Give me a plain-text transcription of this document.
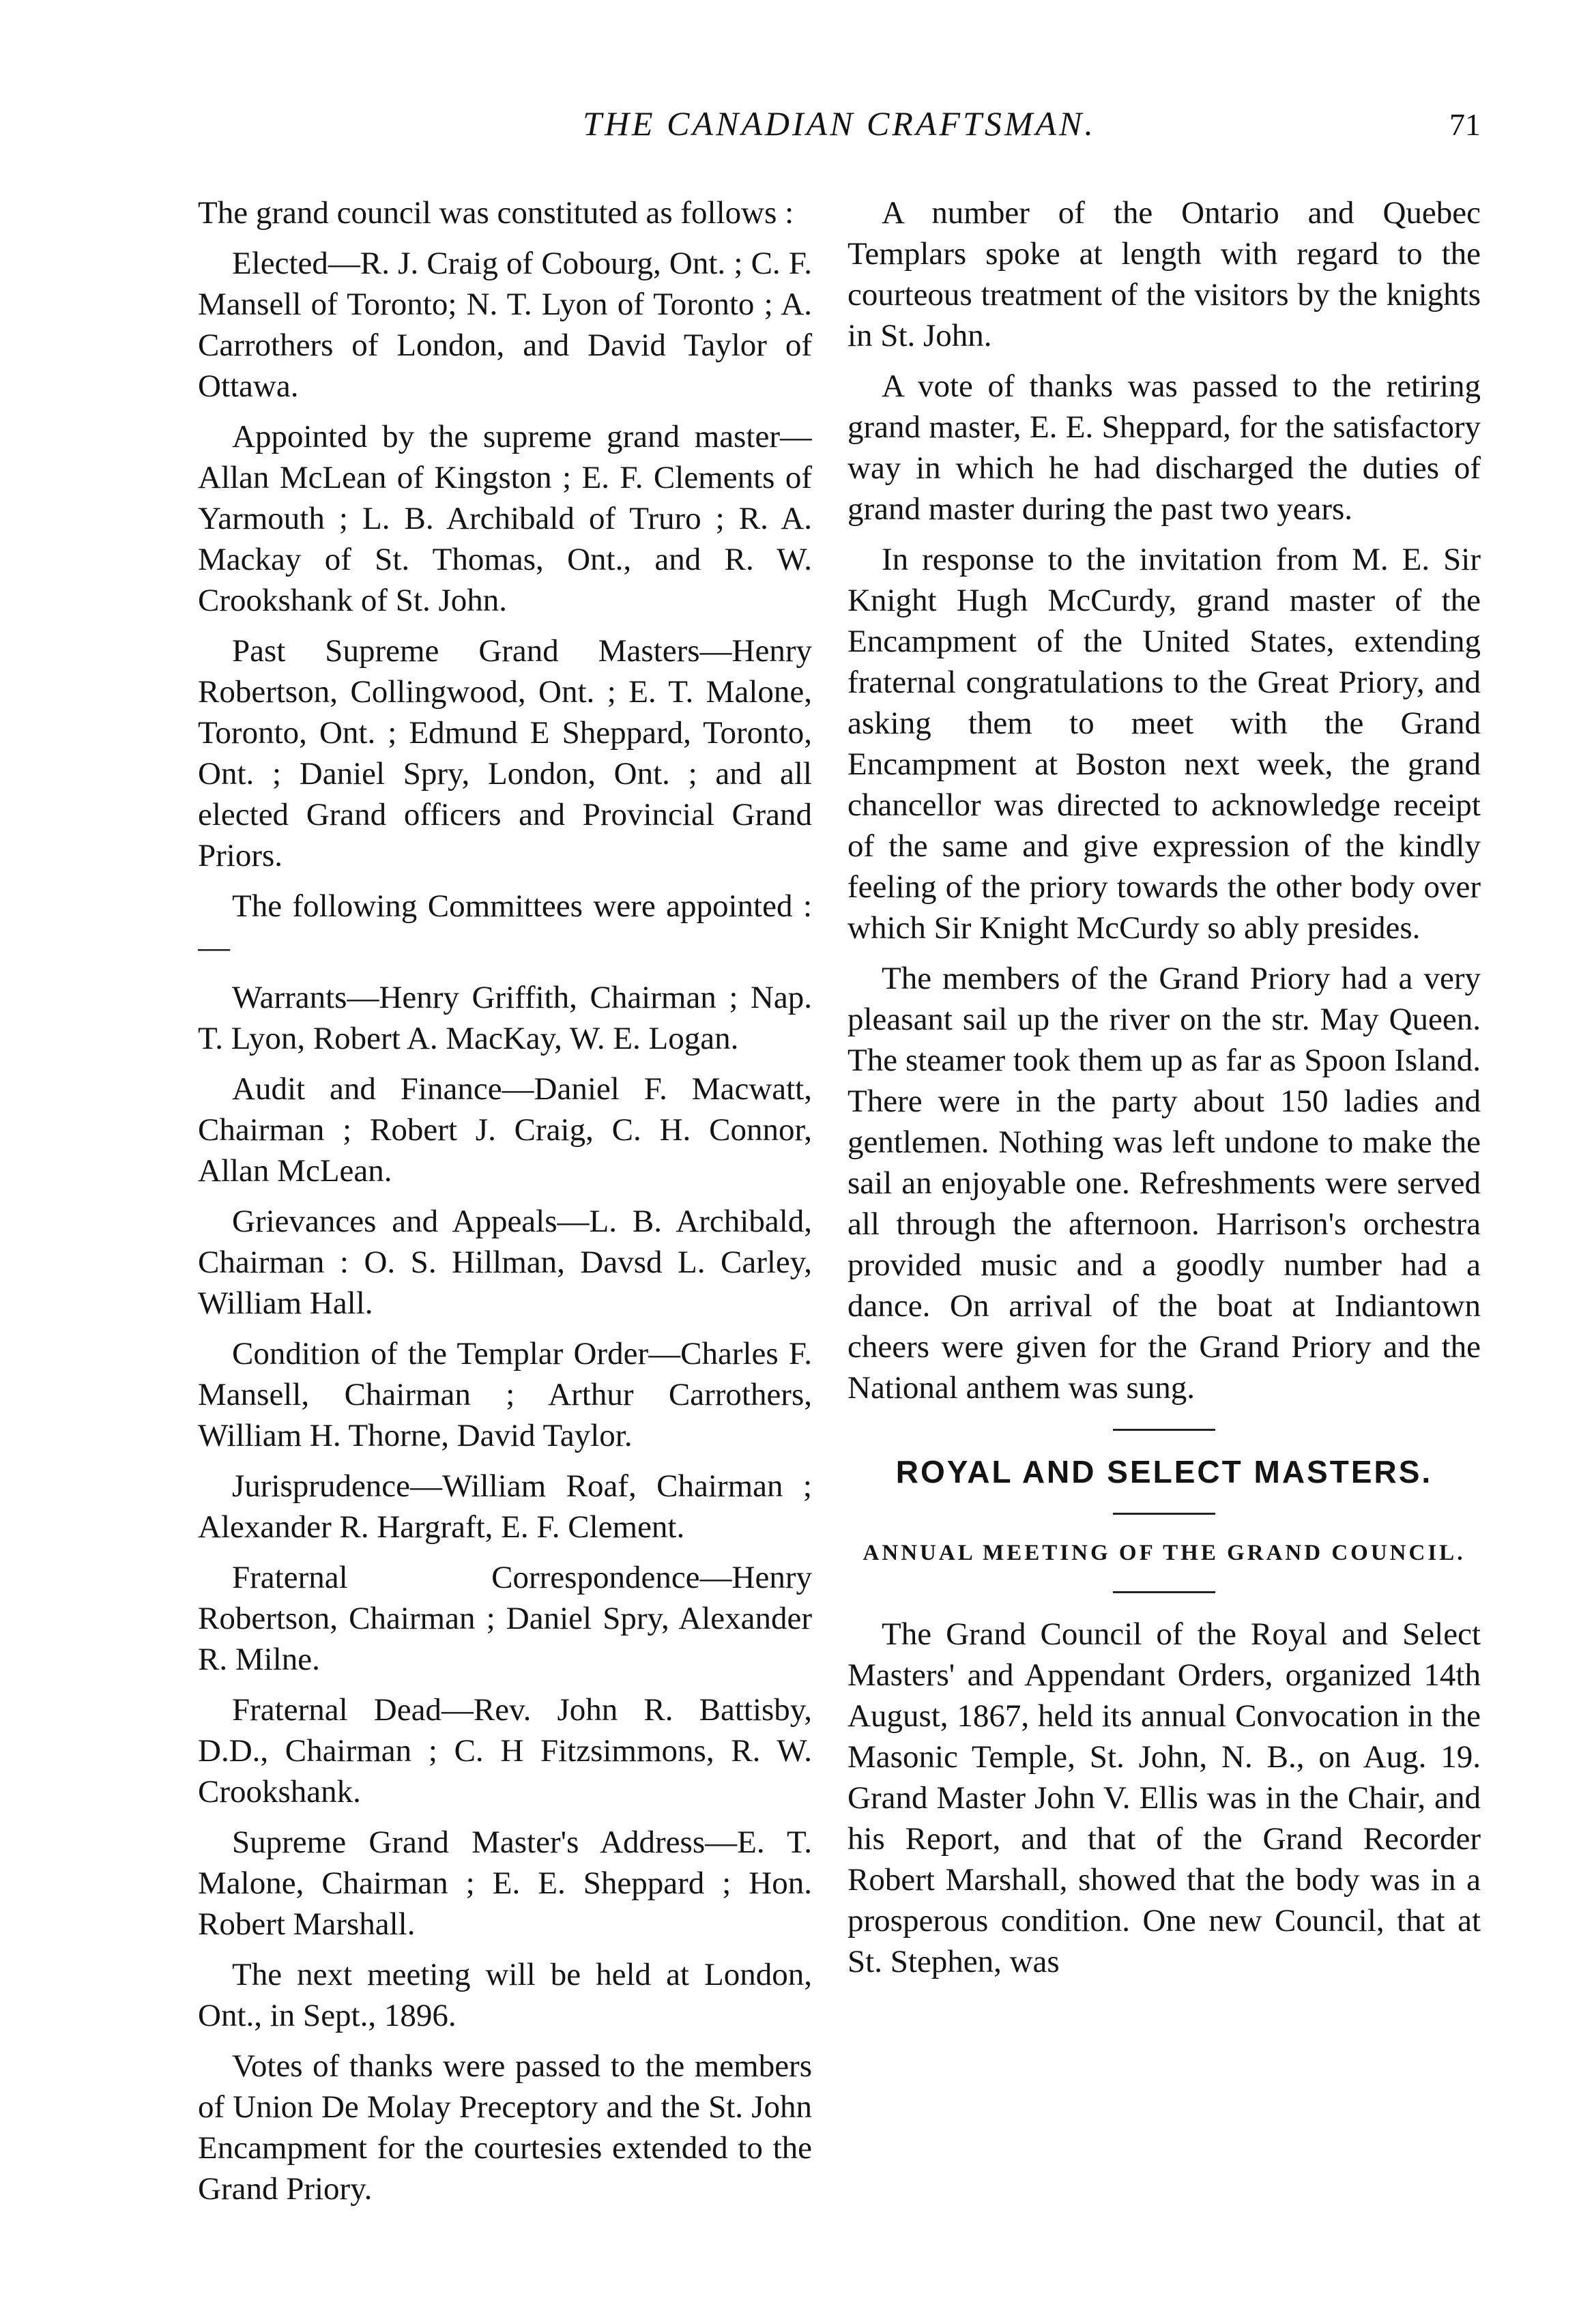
THE CANADIAN CRAFTSMAN.	71

The grand council was constituted as follows :

Elected—R. J. Craig of Cobourg, Ont. ; C. F. Mansell of Toronto; N. T. Lyon of Toronto ; A. Carrothers of London, and David Taylor of Ottawa.

Appointed by the supreme grand master—Allan McLean of Kingston ; E. F. Clements of Yarmouth ; L. B. Archibald of Truro ; R. A. Mackay of St. Thomas, Ont., and R. W. Crookshank of St. John.

Past Supreme Grand Masters—Henry Robertson, Collingwood, Ont. ; E. T. Malone, Toronto, Ont. ; Edmund E Sheppard, Toronto, Ont. ; Daniel Spry, London, Ont. ; and all elected Grand officers and Provincial Grand Priors.

The following Committees were appointed :—

Warrants—Henry Griffith, Chairman ; Nap. T. Lyon, Robert A. MacKay, W. E. Logan.

Audit and Finance—Daniel F. Macwatt, Chairman ; Robert J. Craig, C. H. Connor, Allan McLean.

Grievances and Appeals—L. B. Archibald, Chairman : O. S. Hillman, Davsd L. Carley, William Hall.

Condition of the Templar Order—Charles F. Mansell, Chairman ; Arthur Carrothers, William H. Thorne, David Taylor.

Jurisprudence—William Roaf, Chairman ; Alexander R. Hargraft, E. F. Clement.

Fraternal Correspondence—Henry Robertson, Chairman ; Daniel Spry, Alexander R. Milne.

Fraternal Dead—Rev. John R. Battisby, D.D., Chairman ; C. H Fitzsimmons, R. W. Crookshank.

Supreme Grand Master's Address—E. T. Malone, Chairman ; E. E. Sheppard ; Hon. Robert Marshall.

The next meeting will be held at London, Ont., in Sept., 1896.

Votes of thanks were passed to the members of Union De Molay Preceptory and the St. John Encampment for the courtesies extended to the Grand Priory.

A number of the Ontario and Quebec Templars spoke at length with regard to the courteous treatment of the visitors by the knights in St. John.

A vote of thanks was passed to the retiring grand master, E. E. Sheppard, for the satisfactory way in which he had discharged the duties of grand master during the past two years.

In response to the invitation from M. E. Sir Knight Hugh McCurdy, grand master of the Encampment of the United States, extending fraternal congratulations to the Great Priory, and asking them to meet with the Grand Encampment at Boston next week, the grand chancellor was directed to acknowledge receipt of the same and give expression of the kindly feeling of the priory towards the other body over which Sir Knight McCurdy so ably presides.

The members of the Grand Priory had a very pleasant sail up the river on the str. May Queen. The steamer took them up as far as Spoon Island. There were in the party about 150 ladies and gentlemen. Nothing was left undone to make the sail an enjoyable one. Refreshments were served all through the afternoon. Harrison's orchestra provided music and a goodly number had a dance. On arrival of the boat at Indiantown cheers were given for the Grand Priory and the National anthem was sung.

ROYAL AND SELECT MASTERS.
ANNUAL MEETING OF THE GRAND COUNCIL.

The Grand Council of the Royal and Select Masters' and Appendant Orders, organized 14th August, 1867, held its annual Convocation in the Masonic Temple, St. John, N. B., on Aug. 19. Grand Master John V. Ellis was in the Chair, and his Report, and that of the Grand Recorder Robert Marshall, showed that the body was in a prosperous condition. One new Council, that at St. Stephen, was
